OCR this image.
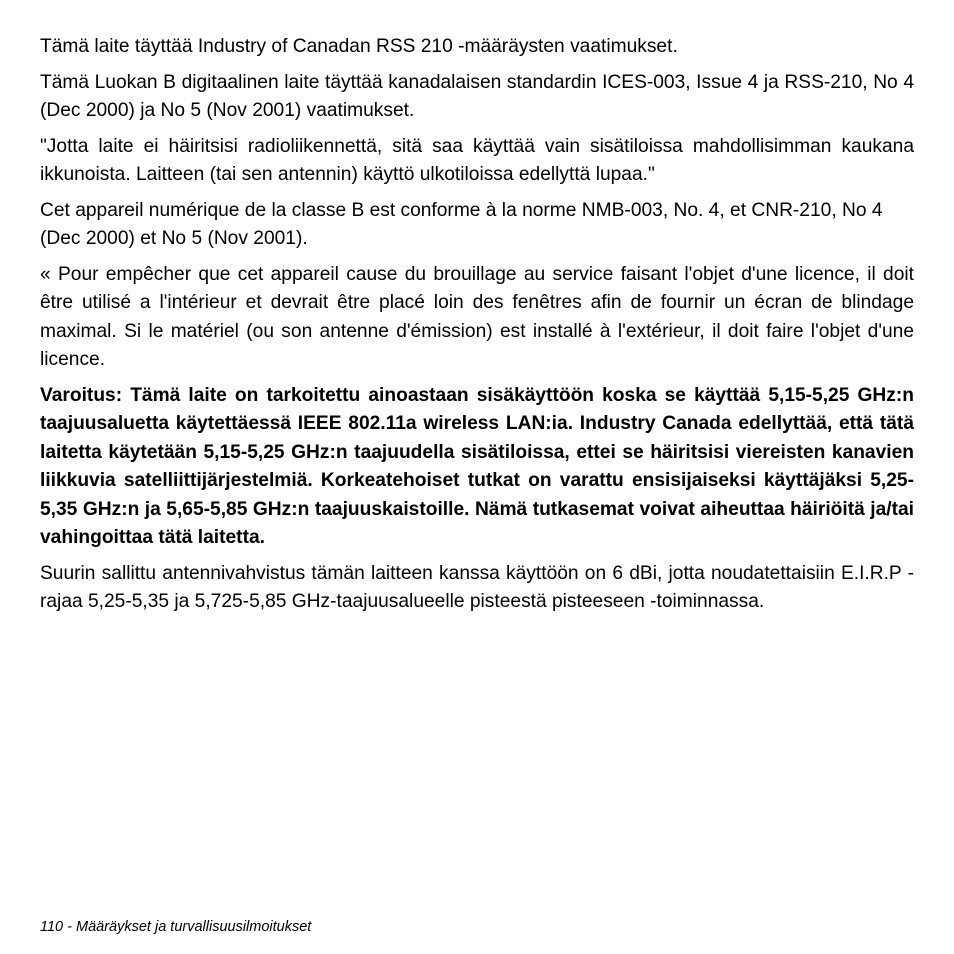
Tämä laite täyttää Industry of Canadan RSS 210 -määräysten vaatimukset.

Tämä Luokan B digitaalinen laite täyttää kanadalaisen standardin ICES-003, Issue 4 ja RSS-210, No 4 (Dec 2000) ja No 5 (Nov 2001) vaatimukset.

"Jotta laite ei häiritsisi radioliikennettä, sitä saa käyttää vain sisätiloissa mahdollisimman kaukana ikkunoista. Laitteen (tai sen antennin) käyttö ulkotiloissa edellyttä lupaa."

Cet appareil numérique de la classe B est conforme à la norme NMB-003, No. 4, et CNR-210, No 4 (Dec 2000) et No 5 (Nov 2001).

« Pour empêcher que cet appareil cause du brouillage au service faisant l'objet d'une licence, il doit être utilisé a l'intérieur et devrait être placé loin des fenêtres afin de fournir un écran de blindage maximal. Si le matériel (ou son antenne d'émission) est installé à l'extérieur, il doit faire l'objet d'une licence.

Varoitus: Tämä laite on tarkoitettu ainoastaan sisäkäyttöön koska se käyttää 5,15-5,25 GHz:n taajuusaluetta käytettäessä IEEE 802.11a wireless LAN:ia. Industry Canada edellyttää, että tätä laitetta käytetään 5,15-5,25 GHz:n taajuudella sisätiloissa, ettei se häiritsisi viereisten kanavien liikkuvia satelliittijärjestelmiä. Korkeatehoiset tutkat on varattu ensisijaiseksi käyttäjäksi 5,25-5,35 GHz:n ja 5,65-5,85 GHz:n taajuuskaistoille. Nämä tutkasemat voivat aiheuttaa häiriöitä ja/tai vahingoittaa tätä laitetta.

Suurin sallittu antennivahvistus tämän laitteen kanssa käyttöön on 6 dBi, jotta noudatettaisiin E.I.R.P -rajaa 5,25-5,35 ja 5,725-5,85 GHz-taajuusalueelle pisteestä pisteeseen -toiminnassa.

110 - Määräykset ja turvallisuusilmoitukset
